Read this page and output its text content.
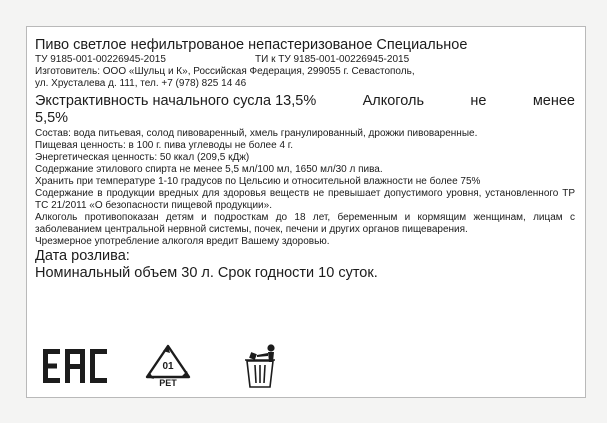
Пиво светлое нефильтрованое непастеризованое Специальное
ТУ 9185-001-00226945-2015	ТИ к ТУ 9185-001-00226945-2015
Изготовитель: ООО «Шульц и К», Российская Федерация, 299055 г. Севастополь,
ул. Хрусталева д. 111, тел. +7 (978) 825 14 46
Экстрактивность начального сусла 13,5%	Алкоголь	не	менее
5,5%
Состав: вода питьевая, солод пивоваренный, хмель гранулированный, дрожжи пивоваренные.
Пищевая ценность: в 100 г. пива углеводы не более 4 г.
Энергетическая ценность: 50 ккал (209,5 кДж)
Содержание этилового спирта не менее 5,5 мл/100 мл, 1650 мл/30 л пива.
Хранить при температуре 1-10 градусов по Цельсию и относительной влажности не более 75%
Содержание в продукции вредных для здоровья веществ не превышает допустимого уровня, установленного ТР ТС 21/2011 «О безопасности пищевой продукции».
Алкоголь противопоказан детям и подросткам до 18 лет, беременным и кормящим женщинам, лицам с заболеванием центральной нервной системы, почек, печени и других органов пищеварения.
Чрезмерное употребление алкоголя вредит Вашему здоровью.
Дата розлива:
Номинальный объем 30 л. Срок годности 10 суток.
01
PET
